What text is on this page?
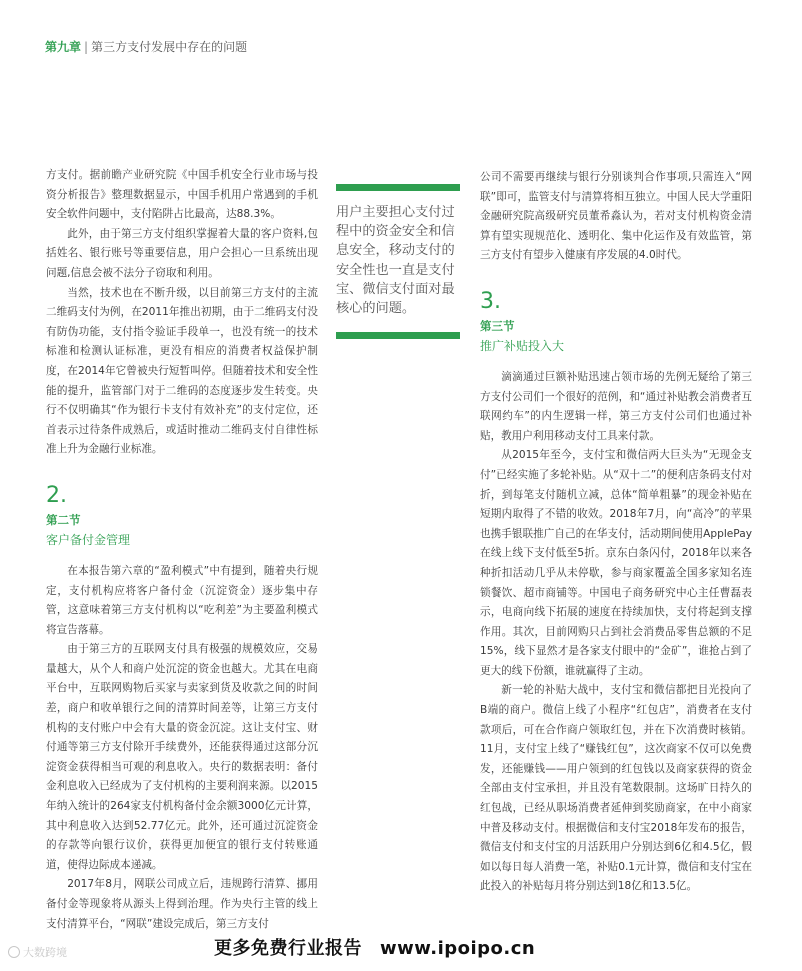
第九章 | 第三方支付发展中存在的问题

方支付。据前瞻产业研究院《中国手机安全行业市场与投资分析报告》整理数据显示，中国手机用户常遇到的手机安全软件问题中，支付陷阱占比最高，达88.3%。

此外，由于第三方支付组织掌握着大量的客户资料,包括姓名、银行账号等重要信息，用户会担心一旦系统出现问题,信息会被不法分子窃取和利用。

当然，技术也在不断升级，以目前第三方支付的主流二维码支付为例，在2011年推出初期，由于二维码支付没有防伪功能，支付指令验证手段单一，也没有统一的技术标准和检测认证标准，更没有相应的消费者权益保护制度，在2014年它曾被央行短暂叫停。但随着技术和安全性能的提升，监管部门对于二维码的态度逐步发生转变。央行不仅明确其“作为银行卡支付有效补充”的支付定位，还首表示过待条件成熟后，或适时推动二维码支付自律性标准上升为金融行业标准。

2.
第二节
客户备付金管理

在本报告第六章的“盈利模式”中有提到，随着央行规定，支付机构应将客户备付金（沉淀资金）逐步集中存管，这意味着第三方支付机构以“吃利差”为主要盈利模式将宣告落幕。

由于第三方的互联网支付具有极强的规模效应，交易量越大，从个人和商户处沉淀的资金也越大。尤其在电商平台中，互联网购物后买家与卖家到货及收款之间的时间差，商户和收单银行之间的清算时间差等，让第三方支付机构的支付账户中会有大量的资金沉淀。这让支付宝、财付通等第三方支付除开手续费外，还能获得通过这部分沉淀资金获得相当可观的利息收入。央行的数据表明：备付金利息收入已经成为了支付机构的主要利润来源。以2015年纳入统计的264家支付机构备付金余额3000亿元计算，其中利息收入达到52.77亿元。此外，还可通过沉淀资金的存款等向银行议价，获得更加便宜的银行支付转账通道，使得边际成本递减。

2017年8月，网联公司成立后，违规跨行清算、挪用备付金等现象将从源头上得到治理。作为央行主管的线上支付清算平台，“网联”建设完成后，第三方支付

用户主要担心支付过程中的资金安全和信息安全，移动支付的安全性也一直是支付宝、微信支付面对最核心的问题。

公司不需要再继续与银行分别谈判合作事项,只需连入“网联”即可，监管支付与清算将相互独立。中国人民大学重阳金融研究院高级研究员董希淼认为，若对支付机构资金清算有望实现规范化、透明化、集中化运作及有效监管，第三方支付有望步入健康有序发展的4.0时代。

3.
第三节
推广补贴投入大

滴滴通过巨额补贴迅速占领市场的先例无疑给了第三方支付公司们一个很好的范例，和“通过补贴教会消费者互联网约车”的内生逻辑一样，第三方支付公司们也通过补贴，教用户利用移动支付工具来付款。

从2015年至今，支付宝和微信两大巨头为“无现金支付”已经实施了多轮补贴。从“双十二”的便利店条码支付对折，到每笔支付随机立减，总体“简单粗暴”的现金补贴在短期内取得了不错的收效。2018年7月，向“高冷”的苹果也携手银联推广自己的在华支付，活动期间使用ApplePay在线上线下支付低至5折。京东白条闪付，2018年以来各种折扣活动几乎从未停歇，参与商家覆盖全国多家知名连锁餐饮、超市商铺等。中国电子商务研究中心主任曹磊表示，电商向线下拓展的速度在持续加快，支付将起到支撑作用。其次，目前网购只占到社会消费品零售总额的不足15%，线下显然才是各家支付眼中的“金矿”，谁抢占到了更大的线下份额，谁就赢得了主动。

新一轮的补贴大战中，支付宝和微信都把目光投向了B端的商户。微信上线了小程序“红包店”，消费者在支付款项后，可在合作商户领取红包，并在下次消费时核销。11月，支付宝上线了“赚钱红包”，这次商家不仅可以免费发，还能赚钱——用户领到的红包钱以及商家获得的资金全部由支付宝承担，并且没有笔数限制。这场旷日持久的红包战，已经从职场消费者延伸到奖励商家，在中小商家中普及移动支付。根据微信和支付宝2018年发布的报告，微信支付和支付宝的月活跃用户分别达到6亿和4.5亿，假如以每日每人消费一笔，补贴0.1元计算，微信和支付宝在此投入的补贴每月将分别达到18亿和13.5亿。

大数跨境	更多免费行业报告 www.ipoipo.cn
